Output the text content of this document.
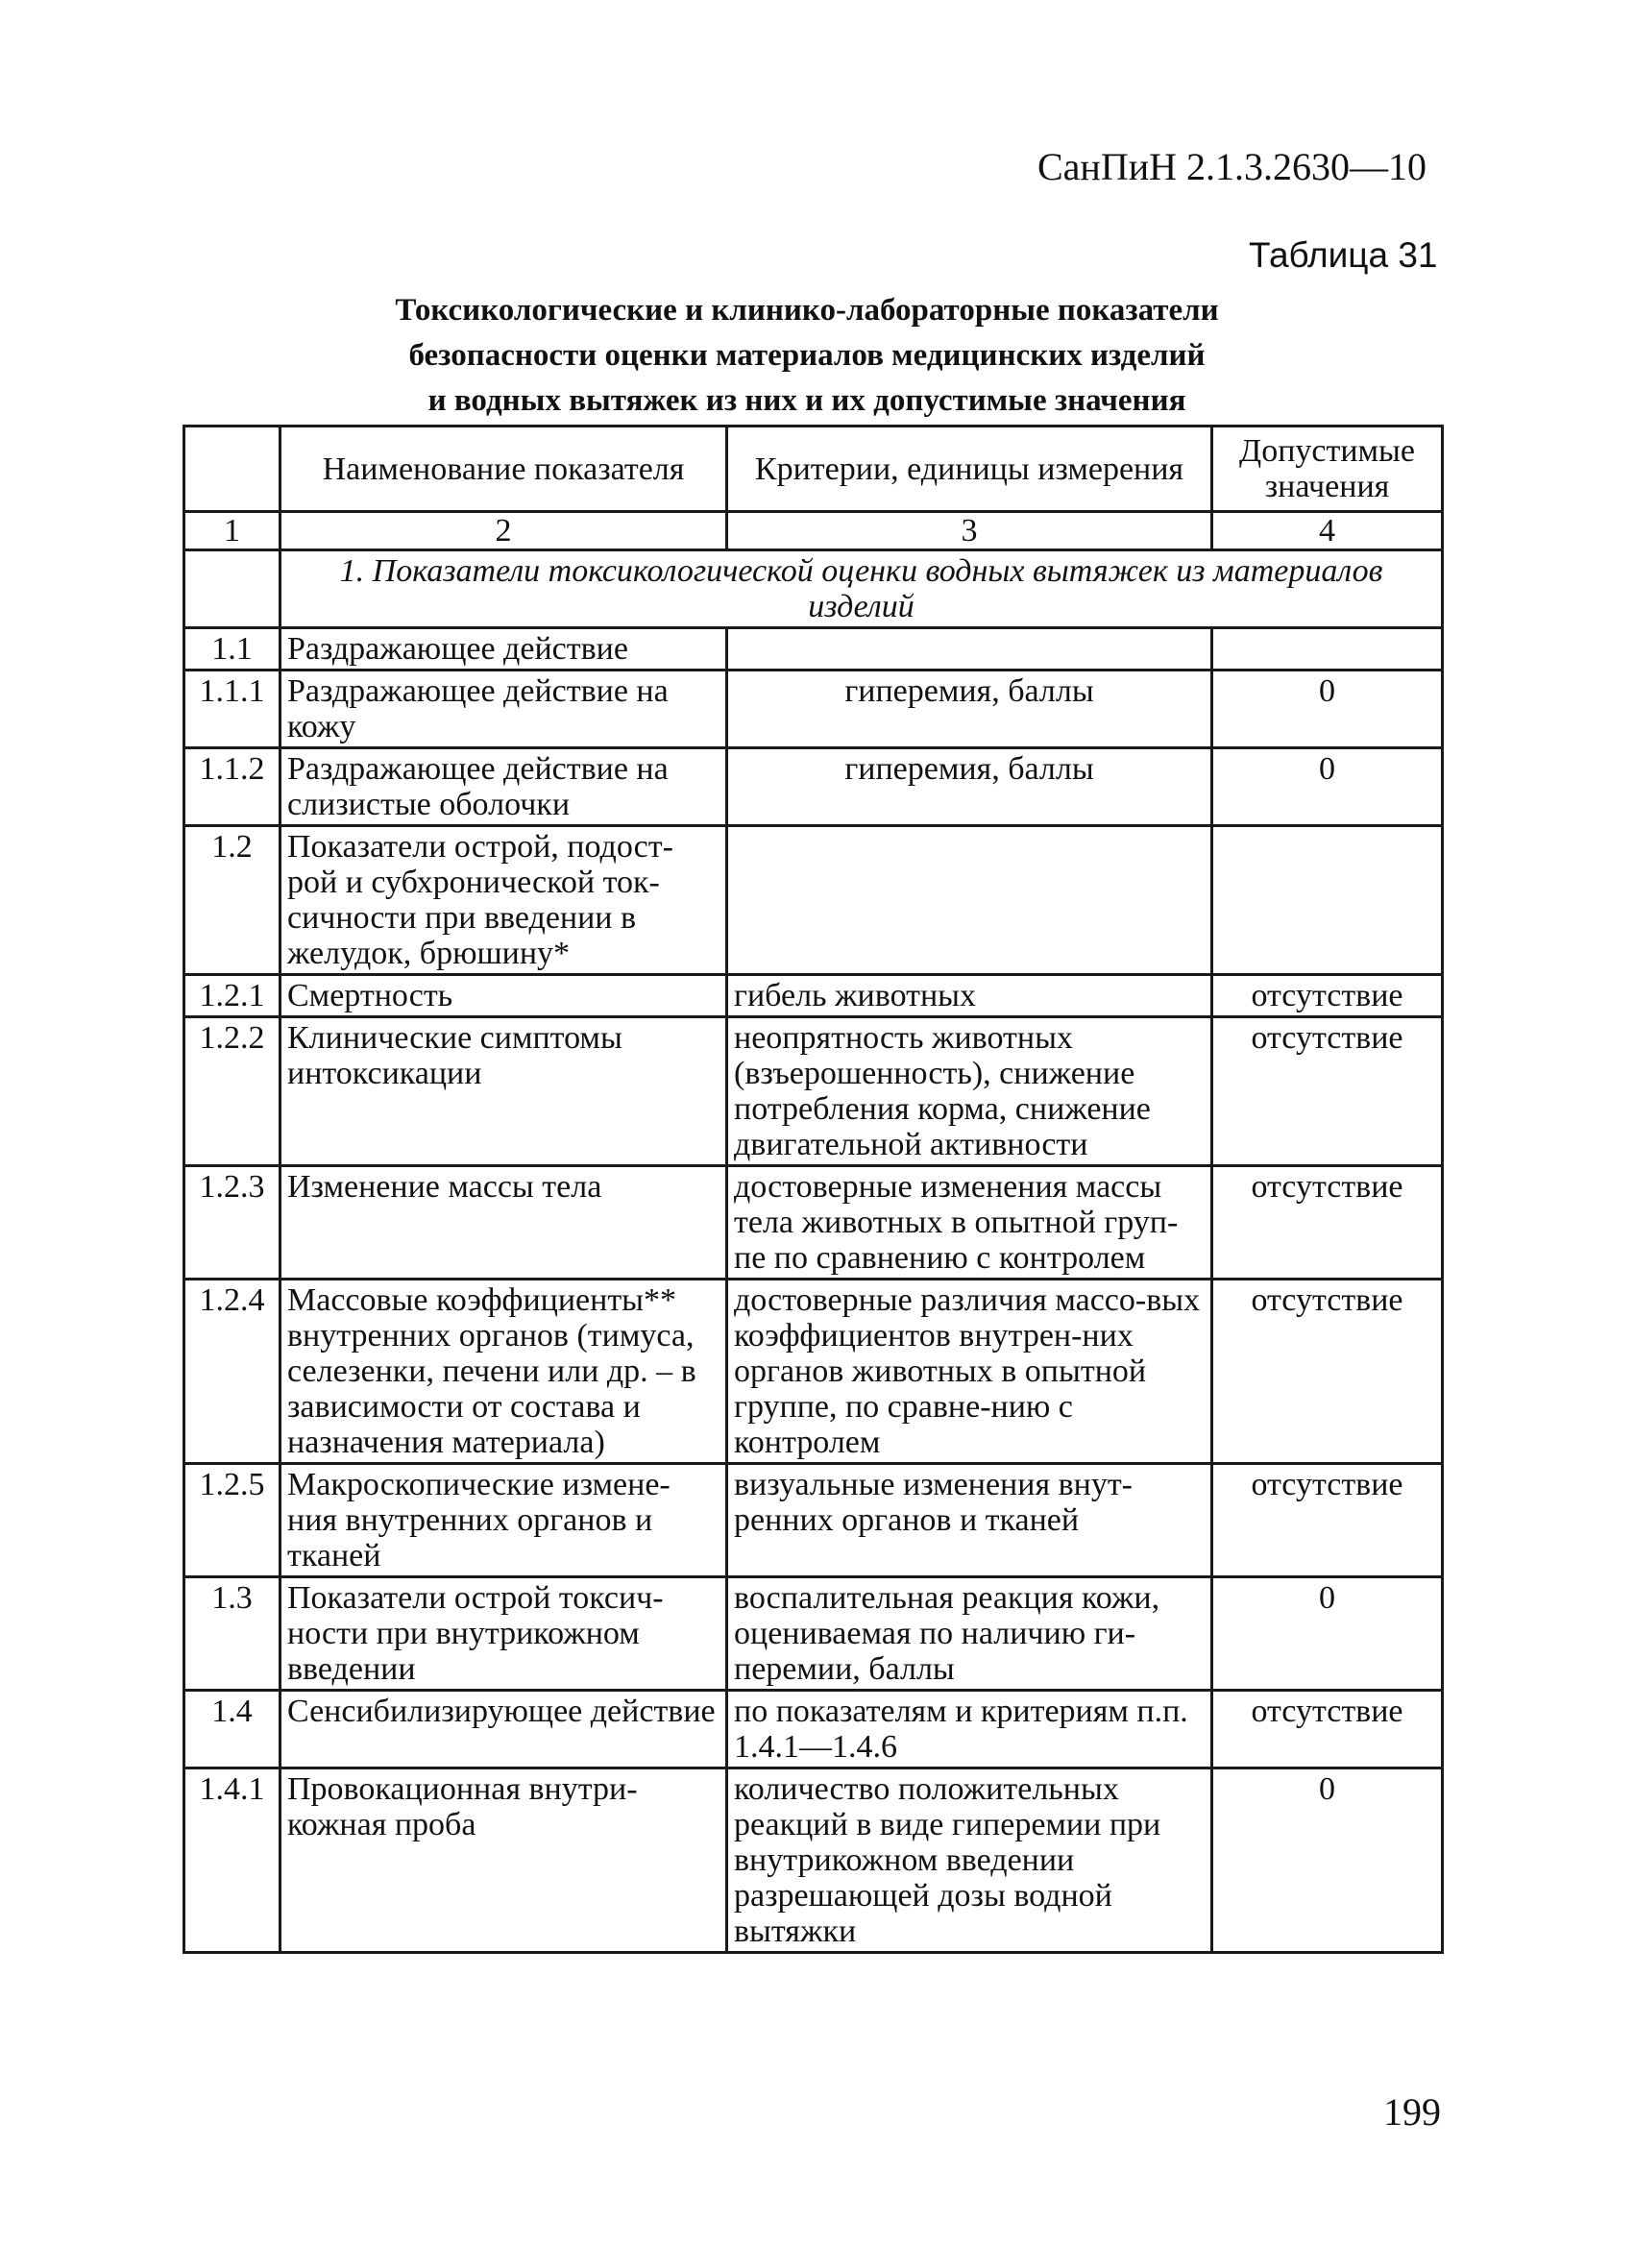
СанПиН 2.1.3.2630—10
Таблица 31
Токсикологические и клинико-лабораторные показатели
безопасности оценки материалов медицинских изделий
и водных вытяжек из них и их допустимые значения
	Наименование показателя	Критерии, единицы измерения	Допустимые значения
1	2	3	4
	1. Показатели токсикологической оценки водных вытяжек из материалов изделий		
1.1	Раздражающее действие		
1.1.1	Раздражающее действие на кожу	гиперемия, баллы	0
1.1.2	Раздражающее действие на слизистые оболочки	гиперемия, баллы	0
1.2	Показатели острой, подост-рой и субхронической ток-сичности при введении в желудок, брюшину*		
1.2.1	Смертность	гибель животных	отсутствие
1.2.2	Клинические симптомы интоксикации	неопрятность животных (взъерошенность), снижение потребления корма, снижение двигательной активности	отсутствие
1.2.3	Изменение массы тела	достоверные изменения массы тела животных в опытной груп-пе по сравнению с контролем	отсутствие
1.2.4	Массовые коэффициенты** внутренних органов (тимуса, селезенки, печени или др. – в зависимости от состава и назначения материала)	достоверные различия массо-вых коэффициентов внутрен-них органов животных в опытной группе, по сравне-нию с контролем	отсутствие
1.2.5	Макроскопические измене-ния внутренних органов и тканей	визуальные изменения внут-ренних органов и тканей	отсутствие
1.3	Показатели острой токсич-ности при внутрикожном введении	воспалительная реакция кожи, оцениваемая по наличию ги-перемии, баллы	0
1.4	Сенсибилизирующее действие	по показателям и критериям п.п. 1.4.1—1.4.6	отсутствие
1.4.1	Провокационная внутри-кожная проба	количество положительных реакций в виде гиперемии при внутрикожном введении разрешающей дозы водной вытяжки	0
199
